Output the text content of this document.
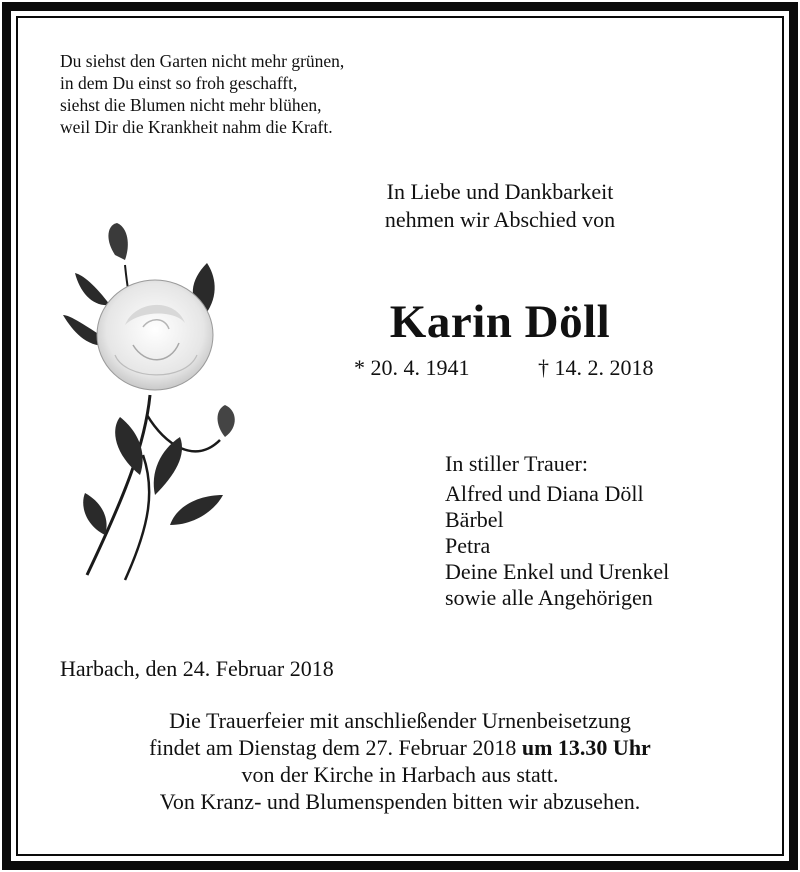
Du siehst den Garten nicht mehr grünen,
in dem Du einst so froh geschafft,
siehst die Blumen nicht mehr blühen,
weil Dir die Krankheit nahm die Kraft.
In Liebe und Dankbarkeit
nehmen wir Abschied von
Karin Döll
* 20. 4. 1941	† 14. 2. 2018
In stiller Trauer:
Alfred und Diana Döll
Bärbel
Petra
Deine Enkel und Urenkel
sowie alle Angehörigen
Harbach, den 24. Februar 2018
Die Trauerfeier mit anschließender Urnenbeisetzung
findet am Dienstag dem 27. Februar 2018 um 13.30 Uhr
von der Kirche in Harbach aus statt.
Von Kranz- und Blumenspenden bitten wir abzusehen.
